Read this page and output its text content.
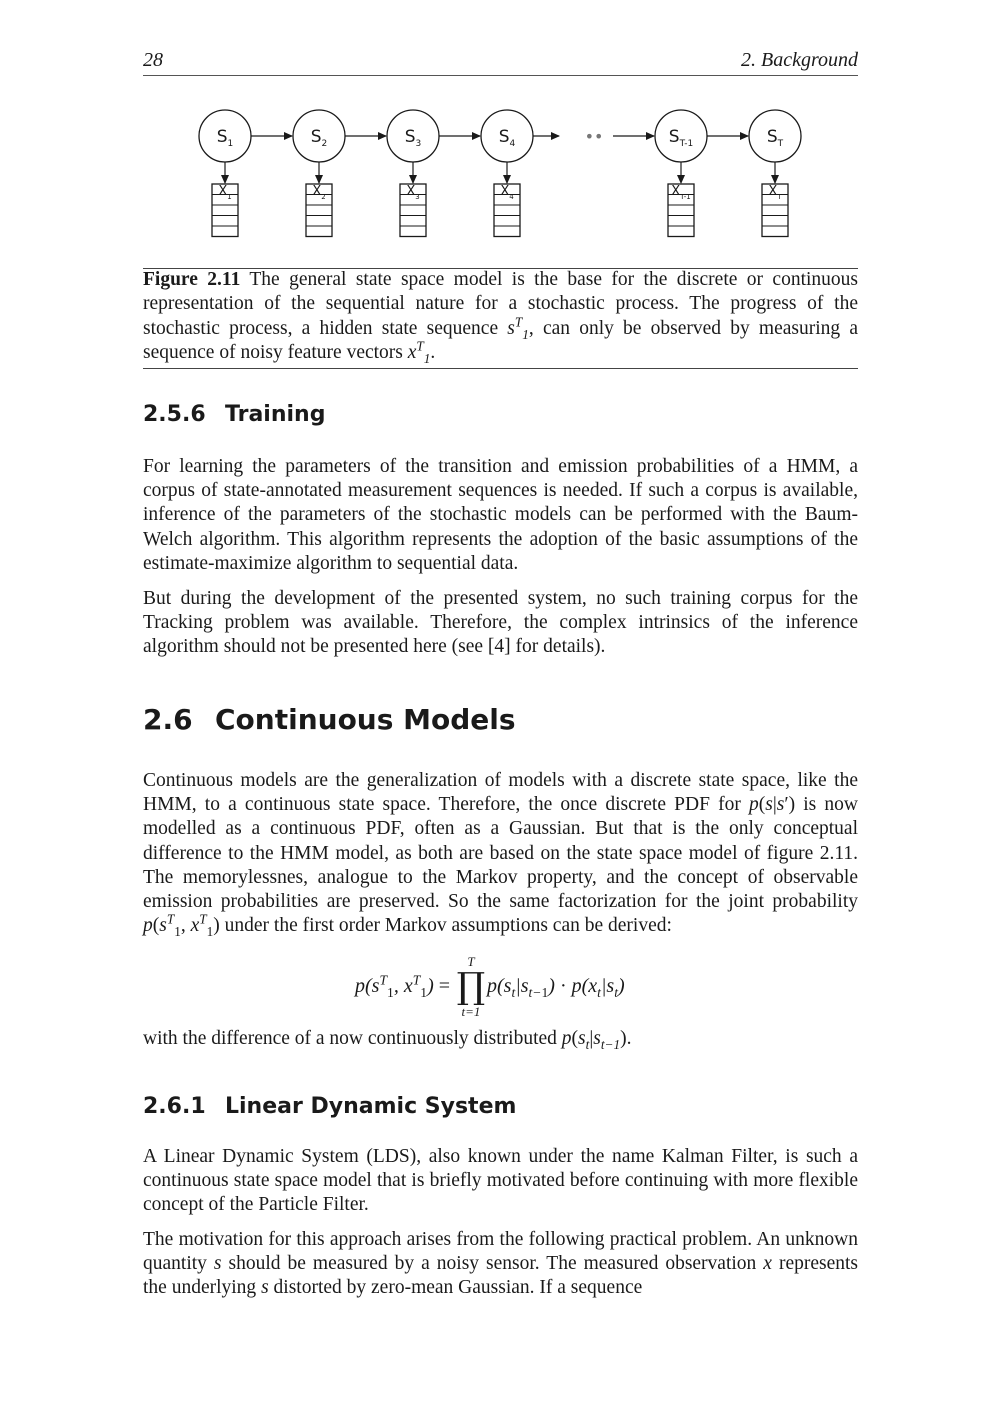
28	2. Background
$S_1$
$X_1$
$S_2$
$X_2$
$S_3$
$X_3$
$S_4$
$X_4$
$S_{T-1}$
$X_{T-1}$
$S_T$
$X_T$
••
Figure 2.11 The general state space model is the base for the discrete or continuous representation of the sequential nature for a stochastic process. The progress of the stochastic process, a hidden state sequence $s^T_1$, can only be observed by measuring a sequence of noisy feature vectors $x^T_1$.
2.5.6 Training
For learning the parameters of the transition and emission probabilities of a HMM, a corpus of state-annotated measurement sequences is needed. If such a corpus is available, inference of the parameters of the stochastic models can be performed with the Baum-Welch algorithm. This algorithm represents the adoption of the basic assumptions of the estimate-maximize algorithm to sequential data.
But during the development of the presented system, no such training corpus for the Tracking problem was available. Therefore, the complex intrinsics of the inference algorithm should not be presented here (see [4] for details).
2.6 Continuous Models
Continuous models are the generalization of models with a discrete state space, like the HMM, to a continuous state space. Therefore, the once discrete PDF for p(s|s′) is now modelled as a continuous PDF, often as a Gaussian. But that is the only conceptual difference to the HMM model, as both are based on the state space model of figure 2.11. The memorylessnes, analogue to the Markov property, and the concept of observable emission probabilities are preserved. So the same factorization for the joint probability $p(s^T_1$, $x^T_1$) under the first order Markov assumptions can be derived:
$p(s^T_1$, $x^T_1$) =
T
∏
t=1
$p(s_t|s_{t-1}) \cdot p(x_t|s_t)$
with the difference of a now continuously distributed $p(s_t|s_{t-1})$.
2.6.1 Linear Dynamic System
A Linear Dynamic System (LDS), also known under the name Kalman Filter, is such a continuous state space model that is briefly motivated before continuing with more flexible concept of the Particle Filter.
The motivation for this approach arises from the following practical problem. An unknown quantity s should be measured by a noisy sensor. The measured observation x represents the underlying s distorted by zero-mean Gaussian. If a sequence
